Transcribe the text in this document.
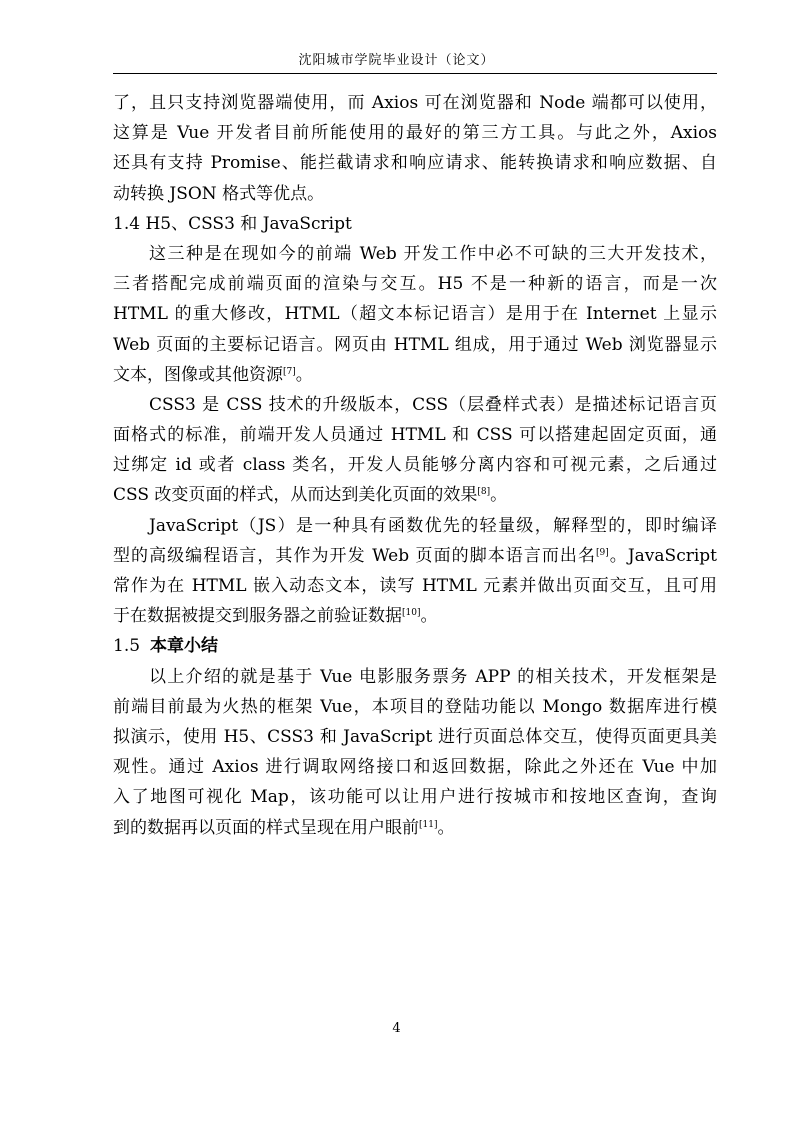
沈阳城市学院毕业设计（论文）
了，且只支持浏览器端使用，而 Axios 可在浏览器和 Node 端都可以使用，
这算是 Vue 开发者目前所能使用的最好的第三方工具。与此之外，Axios
还具有支持 Promise、能拦截请求和响应请求、能转换请求和响应数据、自
动转换 JSON 格式等优点。
1.4 H5、CSS3 和 JavaScript
这三种是在现如今的前端 Web 开发工作中必不可缺的三大开发技术，
三者搭配完成前端页面的渲染与交互。H5 不是一种新的语言，而是一次
HTML 的重大修改，HTML（超文本标记语言）是用于在 Internet 上显示
Web 页面的主要标记语言。网页由 HTML 组成，用于通过 Web 浏览器显示
文本，图像或其他资源[7]。
CSS3 是 CSS 技术的升级版本，CSS（层叠样式表）是描述标记语言页
面格式的标准，前端开发人员通过 HTML 和 CSS 可以搭建起固定页面，通
过绑定 id 或者 class 类名，开发人员能够分离内容和可视元素，之后通过
CSS 改变页面的样式，从而达到美化页面的效果[8]。
JavaScript（JS）是一种具有函数优先的轻量级，解释型的，即时编译
型的高级编程语言，其作为开发 Web 页面的脚本语言而出名[9]。JavaScript
常作为在 HTML 嵌入动态文本，读写 HTML 元素并做出页面交互，且可用
于在数据被提交到服务器之前验证数据[10]。
1.5 本章小结
以上介绍的就是基于 Vue 电影服务票务 APP 的相关技术，开发框架是
前端目前最为火热的框架 Vue，本项目的登陆功能以 Mongo 数据库进行模
拟演示，使用 H5、CSS3 和 JavaScript 进行页面总体交互，使得页面更具美
观性。通过 Axios 进行调取网络接口和返回数据，除此之外还在 Vue 中加
入了地图可视化 Map，该功能可以让用户进行按城市和按地区查询，查询
到的数据再以页面的样式呈现在用户眼前[11]。
4
